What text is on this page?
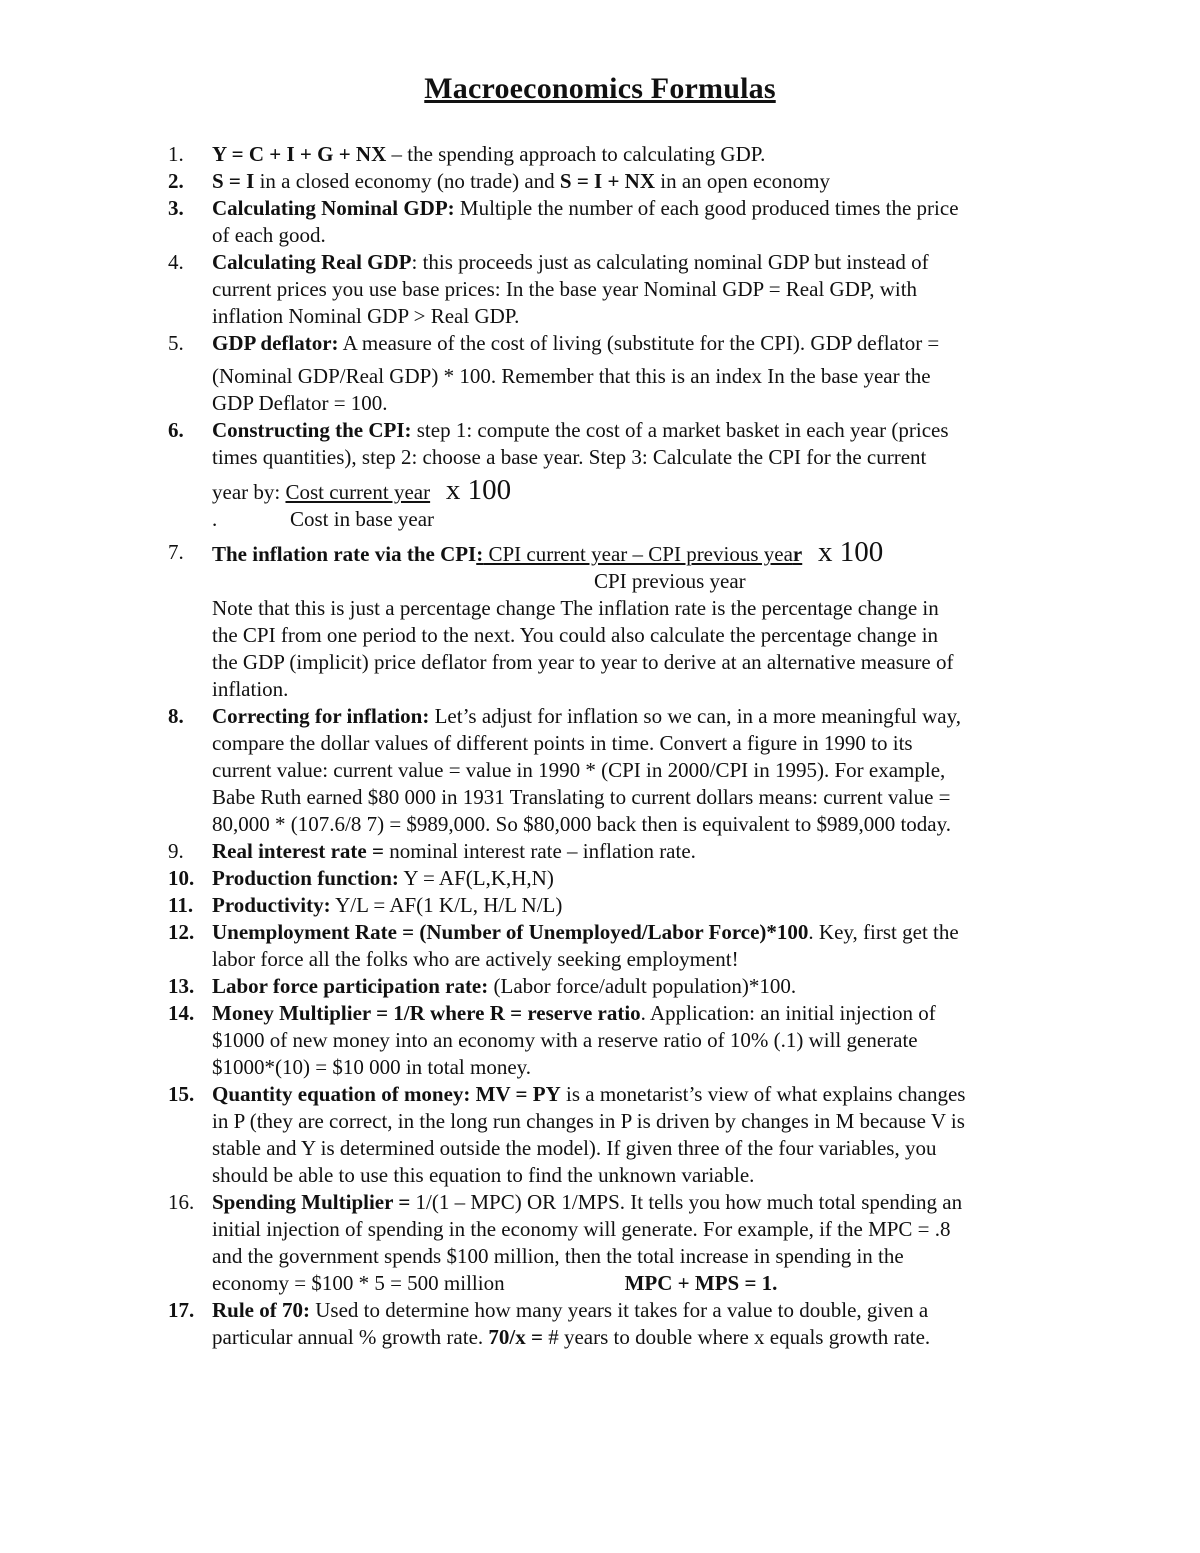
Macroeconomics Formulas
1. Y = C + I + G + NX – the spending approach to calculating GDP.
2. S = I in a closed economy (no trade) and S = I + NX in an open economy
3. Calculating Nominal GDP: Multiple the number of each good produced times the price
of each good.
4. Calculating Real GDP: this proceeds just as calculating nominal GDP but instead of
current prices you use base prices: In the base year Nominal GDP = Real GDP, with
inflation Nominal GDP > Real GDP.
5. GDP deflator: A measure of the cost of living (substitute for the CPI). GDP deflator =
(Nominal GDP/Real GDP) * 100. Remember that this is an index In the base year the
GDP Deflator = 100.
6. Constructing the CPI: step 1: compute the cost of a market basket in each year (prices
times quantities), step 2: choose a base year. Step 3: Calculate the CPI for the current
year by: Cost current year x 100
.	Cost in base year
7. The inflation rate via the CPI: CPI current year – CPI previous year x 100
CPI previous year
Note that this is just a percentage change The inflation rate is the percentage change in
the CPI from one period to the next. You could also calculate the percentage change in
the GDP (implicit) price deflator from year to year to derive at an alternative measure of
inflation.
8. Correcting for inflation: Let’s adjust for inflation so we can, in a more meaningful way,
compare the dollar values of different points in time. Convert a figure in 1990 to its
current value: current value = value in 1990 * (CPI in 2000/CPI in 1995). For example,
Babe Ruth earned $80 000 in 1931 Translating to current dollars means: current value =
80,000 * (107.6/8 7) = $989,000. So $80,000 back then is equivalent to $989,000 today.
9. Real interest rate = nominal interest rate – inflation rate.
10. Production function: Y = AF(L,K,H,N)
11. Productivity: Y/L = AF(1 K/L, H/L N/L)
12. Unemployment Rate = (Number of Unemployed/Labor Force)*100. Key, first get the
labor force all the folks who are actively seeking employment!
13. Labor force participation rate: (Labor force/adult population)*100.
14. Money Multiplier = 1/R where R = reserve ratio. Application: an initial injection of
$1000 of new money into an economy with a reserve ratio of 10% (.1) will generate
$1000*(10) = $10 000 in total money.
15. Quantity equation of money: MV = PY is a monetarist’s view of what explains changes
in P (they are correct, in the long run changes in P is driven by changes in M because V is
stable and Y is determined outside the model). If given three of the four variables, you
should be able to use this equation to find the unknown variable.
16. Spending Multiplier = 1/(1 – MPC) OR 1/MPS. It tells you how much total spending an
initial injection of spending in the economy will generate. For example, if the MPC = .8
and the government spends $100 million, then the total increase in spending in the
economy = $100 * 5 = 500 million	MPC + MPS = 1.
17. Rule of 70: Used to determine how many years it takes for a value to double, given a
particular annual % growth rate. 70/x = # years to double where x equals growth rate.
